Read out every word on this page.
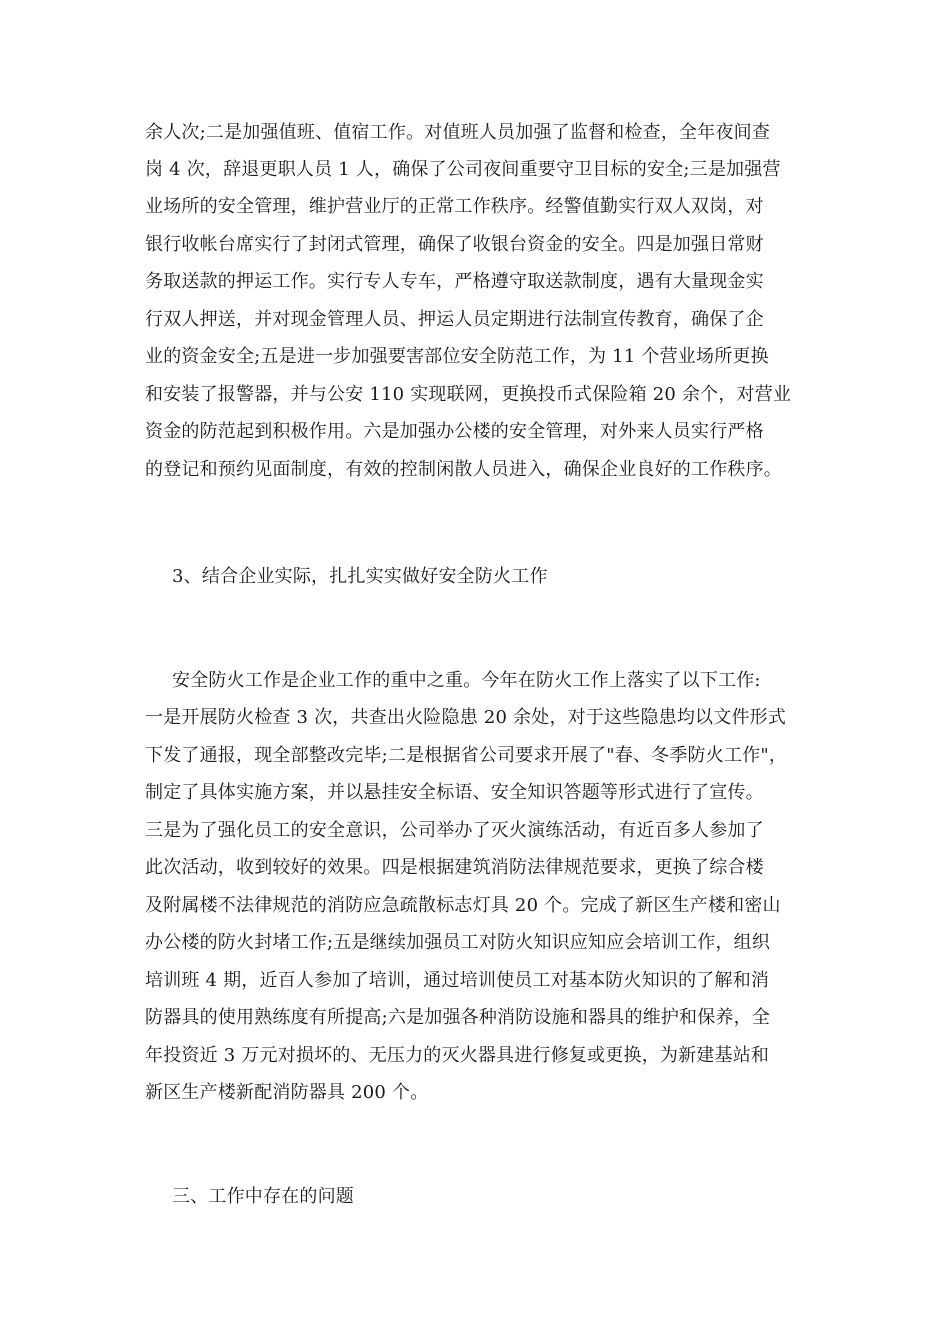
余人次;二是加强值班、值宿工作。对值班人员加强了监督和检查，全年夜间查
岗 4 次，辞退更职人员 1 人，确保了公司夜间重要守卫目标的安全;三是加强营
业场所的安全管理，维护营业厅的正常工作秩序。经警值勤实行双人双岗，对
银行收帐台席实行了封闭式管理，确保了收银台资金的安全。四是加强日常财
务取送款的押运工作。实行专人专车，严格遵守取送款制度，遇有大量现金实
行双人押送，并对现金管理人员、押运人员定期进行法制宣传教育，确保了企
业的资金安全;五是进一步加强要害部位安全防范工作，为 11 个营业场所更换
和安装了报警器，并与公安 110 实现联网，更换投币式保险箱 20 余个，对营业
资金的防范起到积极作用。六是加强办公楼的安全管理，对外来人员实行严格
的登记和预约见面制度，有效的控制闲散人员进入，确保企业良好的工作秩序。
3、结合企业实际，扎扎实实做好安全防火工作
安全防火工作是企业工作的重中之重。今年在防火工作上落实了以下工作:
一是开展防火检查 3 次，共查出火险隐患 20 余处，对于这些隐患均以文件形式
下发了通报，现全部整改完毕;二是根据省公司要求开展了"春、冬季防火工作"，
制定了具体实施方案，并以悬挂安全标语、安全知识答题等形式进行了宣传。
三是为了强化员工的安全意识，公司举办了灭火演练活动，有近百多人参加了
此次活动，收到较好的效果。四是根据建筑消防法律规范要求，更换了综合楼
及附属楼不法律规范的消防应急疏散标志灯具 20 个。完成了新区生产楼和密山
办公楼的防火封堵工作;五是继续加强员工对防火知识应知应会培训工作，组织
培训班 4 期，近百人参加了培训，通过培训使员工对基本防火知识的了解和消
防器具的使用熟练度有所提高;六是加强各种消防设施和器具的维护和保养，全
年投资近 3 万元对损坏的、无压力的灭火器具进行修复或更换，为新建基站和
新区生产楼新配消防器具 200 个。
三、工作中存在的问题
